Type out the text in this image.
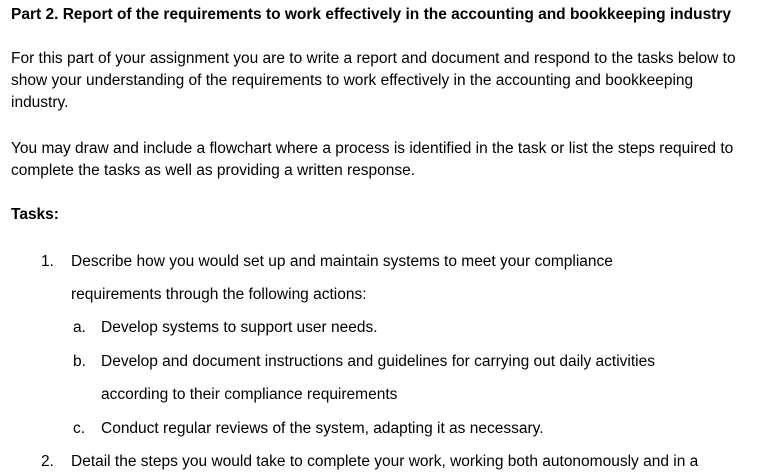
Part 2. Report of the requirements to work effectively in the accounting and bookkeeping industry

For this part of your assignment you are to write a report and document and respond to the tasks below to show your understanding of the requirements to work effectively in the accounting and bookkeeping industry.

You may draw and include a flowchart where a process is identified in the task or list the steps required to complete the tasks as well as providing a written response.

Tasks:
1. Describe how you would set up and maintain systems to meet your compliance
requirements through the following actions:
a. Develop systems to support user needs.
b. Develop and document instructions and guidelines for carrying out daily activities
according to their compliance requirements
c. Conduct regular reviews of the system, adapting it as necessary.
2. Detail the steps you would take to complete your work, working both autonomously and in a
